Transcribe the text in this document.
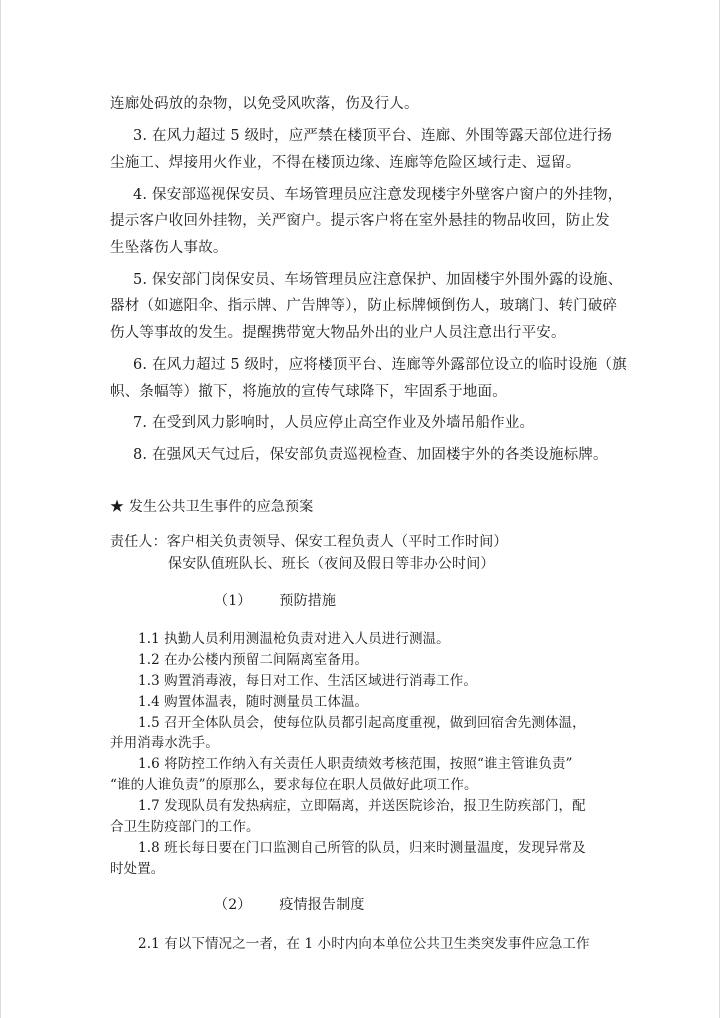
连廊处码放的杂物，以免受风吹落，伤及行人。
3. 在风力超过 5 级时，应严禁在楼顶平台、连廊、外围等露天部位进行扬
尘施工、焊接用火作业，不得在楼顶边缘、连廊等危险区域行走、逗留。
4. 保安部巡视保安员、车场管理员应注意发现楼宇外壁客户窗户的外挂物，
提示客户收回外挂物，关严窗户。提示客户将在室外悬挂的物品收回，防止发
生坠落伤人事故。
5. 保安部门岗保安员、车场管理员应注意保护、加固楼宇外围外露的设施、
器材（如遮阳伞、指示牌、广告牌等），防止标牌倾倒伤人，玻璃门、转门破碎
伤人等事故的发生。提醒携带宽大物品外出的业户人员注意出行平安。
6. 在风力超过 5 级时，应将楼顶平台、连廊等外露部位设立的临时设施（旗
帜、条幅等）撤下，将施放的宣传气球降下，牢固系于地面。
7. 在受到风力影响时，人员应停止高空作业及外墙吊船作业。
8. 在强风天气过后，保安部负责巡视检查、加固楼宇外的各类设施标牌。
★ 发生公共卫生事件的应急预案
责任人：客户相关负责领导、保安工程负责人（平时工作时间）
保安队值班队长、班长（夜间及假日等非办公时间）
（1）      预防措施
1.1 执勤人员利用测温枪负责对进入人员进行测温。
1.2 在办公楼内预留二间隔离室备用。
1.3 购置消毒液，每日对工作、生活区域进行消毒工作。
1.4 购置体温表，随时测量员工体温。
1.5 召开全体队员会，使每位队员都引起高度重视，做到回宿舍先测体温，
并用消毒水洗手。
1.6 将防控工作纳入有关责任人职责绩效考核范围，按照“谁主管谁负责”
“谁的人谁负责”的原那么，要求每位在职人员做好此项工作。
1.7 发现队员有发热病症，立即隔离，并送医院诊治，报卫生防疾部门，配
合卫生防疫部门的工作。
1.8 班长每日要在门口监测自己所管的队员，归来时测量温度，发现异常及
时处置。
（2）      疫情报告制度
2.1 有以下情况之一者，在 1 小时内向本单位公共卫生类突发事件应急工作
